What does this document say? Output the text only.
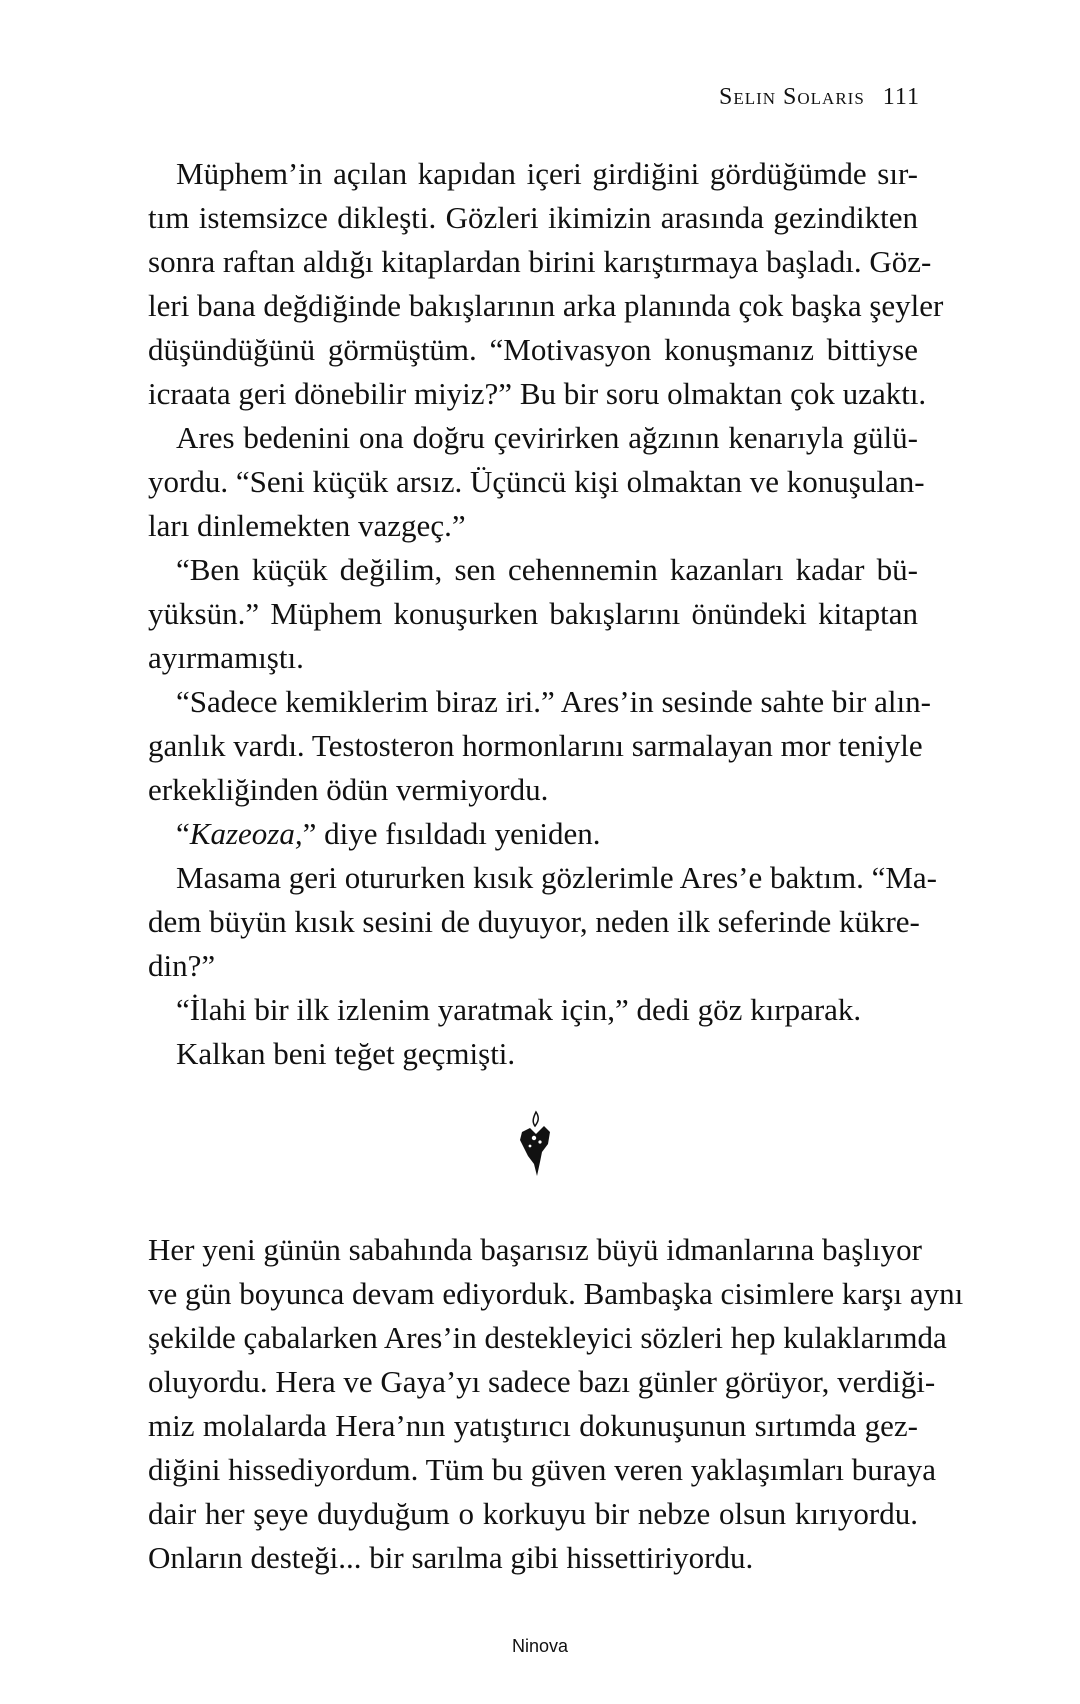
Selin Solaris 111
Müphem’in açılan kapıdan içeri girdiğini gördüğümde sır-
tım istemsizce dikleşti. Gözleri ikimizin arasında gezindikten
sonra raftan aldığı kitaplardan birini karıştırmaya başladı. Göz-
leri bana değdiğinde bakışlarının arka planında çok başka şeyler
düşündüğünü görmüştüm. “Motivasyon konuşmanız bittiyse
icraata geri dönebilir miyiz?” Bu bir soru olmaktan çok uzaktı.
Ares bedenini ona doğru çevirirken ağzının kenarıyla gülü-
yordu. “Seni küçük arsız. Üçüncü kişi olmaktan ve konuşulan-
ları dinlemekten vazgeç.”
“Ben küçük değilim, sen cehennemin kazanları kadar bü-
yüksün.” Müphem konuşurken bakışlarını önündeki kitaptan
ayırmamıştı.
“Sadece kemiklerim biraz iri.” Ares’in sesinde sahte bir alın-
ganlık vardı. Testosteron hormonlarını sarmalayan mor teniyle
erkekliğinden ödün vermiyordu.
“Kazeoza,” diye fısıldadı yeniden.
Masama geri otururken kısık gözlerimle Ares’e baktım. “Ma-
dem büyün kısık sesini de duyuyor, neden ilk seferinde kükre-
din?”
“İlahi bir ilk izlenim yaratmak için,” dedi göz kırparak.
Kalkan beni teğet geçmişti.
Her yeni günün sabahında başarısız büyü idmanlarına başlıyor
ve gün boyunca devam ediyorduk. Bambaşka cisimlere karşı aynı
şekilde çabalarken Ares’in destekleyici sözleri hep kulaklarımda
oluyordu. Hera ve Gaya’yı sadece bazı günler görüyor, verdiği-
miz molalarda Hera’nın yatıştırıcı dokunuşunun sırtımda gez-
diğini hissediyordum. Tüm bu güven veren yaklaşımları buraya
dair her şeye duyduğum o korkuyu bir nebze olsun kırıyordu.
Onların desteği... bir sarılma gibi hissettiriyordu.
Ninova
